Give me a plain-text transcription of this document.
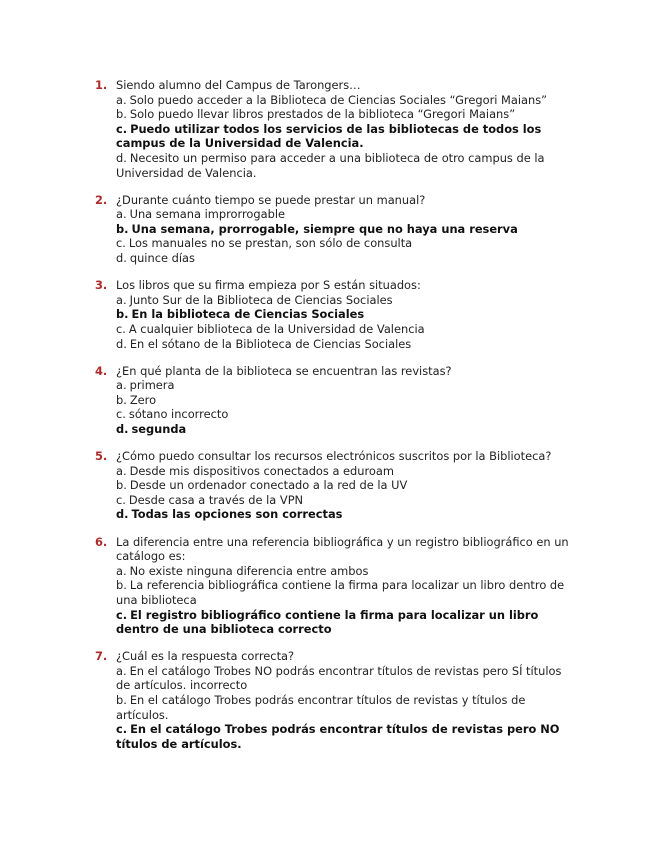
1. Siendo alumno del Campus de Tarongers…
a. Solo puedo acceder a la Biblioteca de Ciencias Sociales “Gregori Maians”
b. Solo puedo llevar libros prestados de la biblioteca “Gregori Maians”
c. Puedo utilizar todos los servicios de las bibliotecas de todos los campus de la Universidad de Valencia.
d. Necesito un permiso para acceder a una biblioteca de otro campus de la Universidad de Valencia.
2. ¿Durante cuánto tiempo se puede prestar un manual?
a. Una semana improrrogable
b. Una semana, prorrogable, siempre que no haya una reserva
c. Los manuales no se prestan, son sólo de consulta
d. quince días
3. Los libros que su firma empieza por S están situados:
a. Junto Sur de la Biblioteca de Ciencias Sociales
b. En la biblioteca de Ciencias Sociales
c. A cualquier biblioteca de la Universidad de Valencia
d. En el sótano de la Biblioteca de Ciencias Sociales
4. ¿En qué planta de la biblioteca se encuentran las revistas?
a. primera
b. Zero
c. sótano incorrecto
d. segunda
5. ¿Cómo puedo consultar los recursos electrónicos suscritos por la Biblioteca?
a. Desde mis dispositivos conectados a eduroam
b. Desde un ordenador conectado a la red de la UV
c. Desde casa a través de la VPN
d. Todas las opciones son correctas
6. La diferencia entre una referencia bibliográfica y un registro bibliográfico en un catálogo es:
a. No existe ninguna diferencia entre ambos
b. La referencia bibliográfica contiene la firma para localizar un libro dentro de una biblioteca
c. El registro bibliográfico contiene la firma para localizar un libro dentro de una biblioteca correcto
7. ¿Cuál es la respuesta correcta?
a. En el catálogo Trobes NO podrás encontrar títulos de revistas pero SÍ títulos de artículos. incorrecto
b. En el catálogo Trobes podrás encontrar títulos de revistas y títulos de artículos.
c. En el catálogo Trobes podrás encontrar títulos de revistas pero NO títulos de artículos.
